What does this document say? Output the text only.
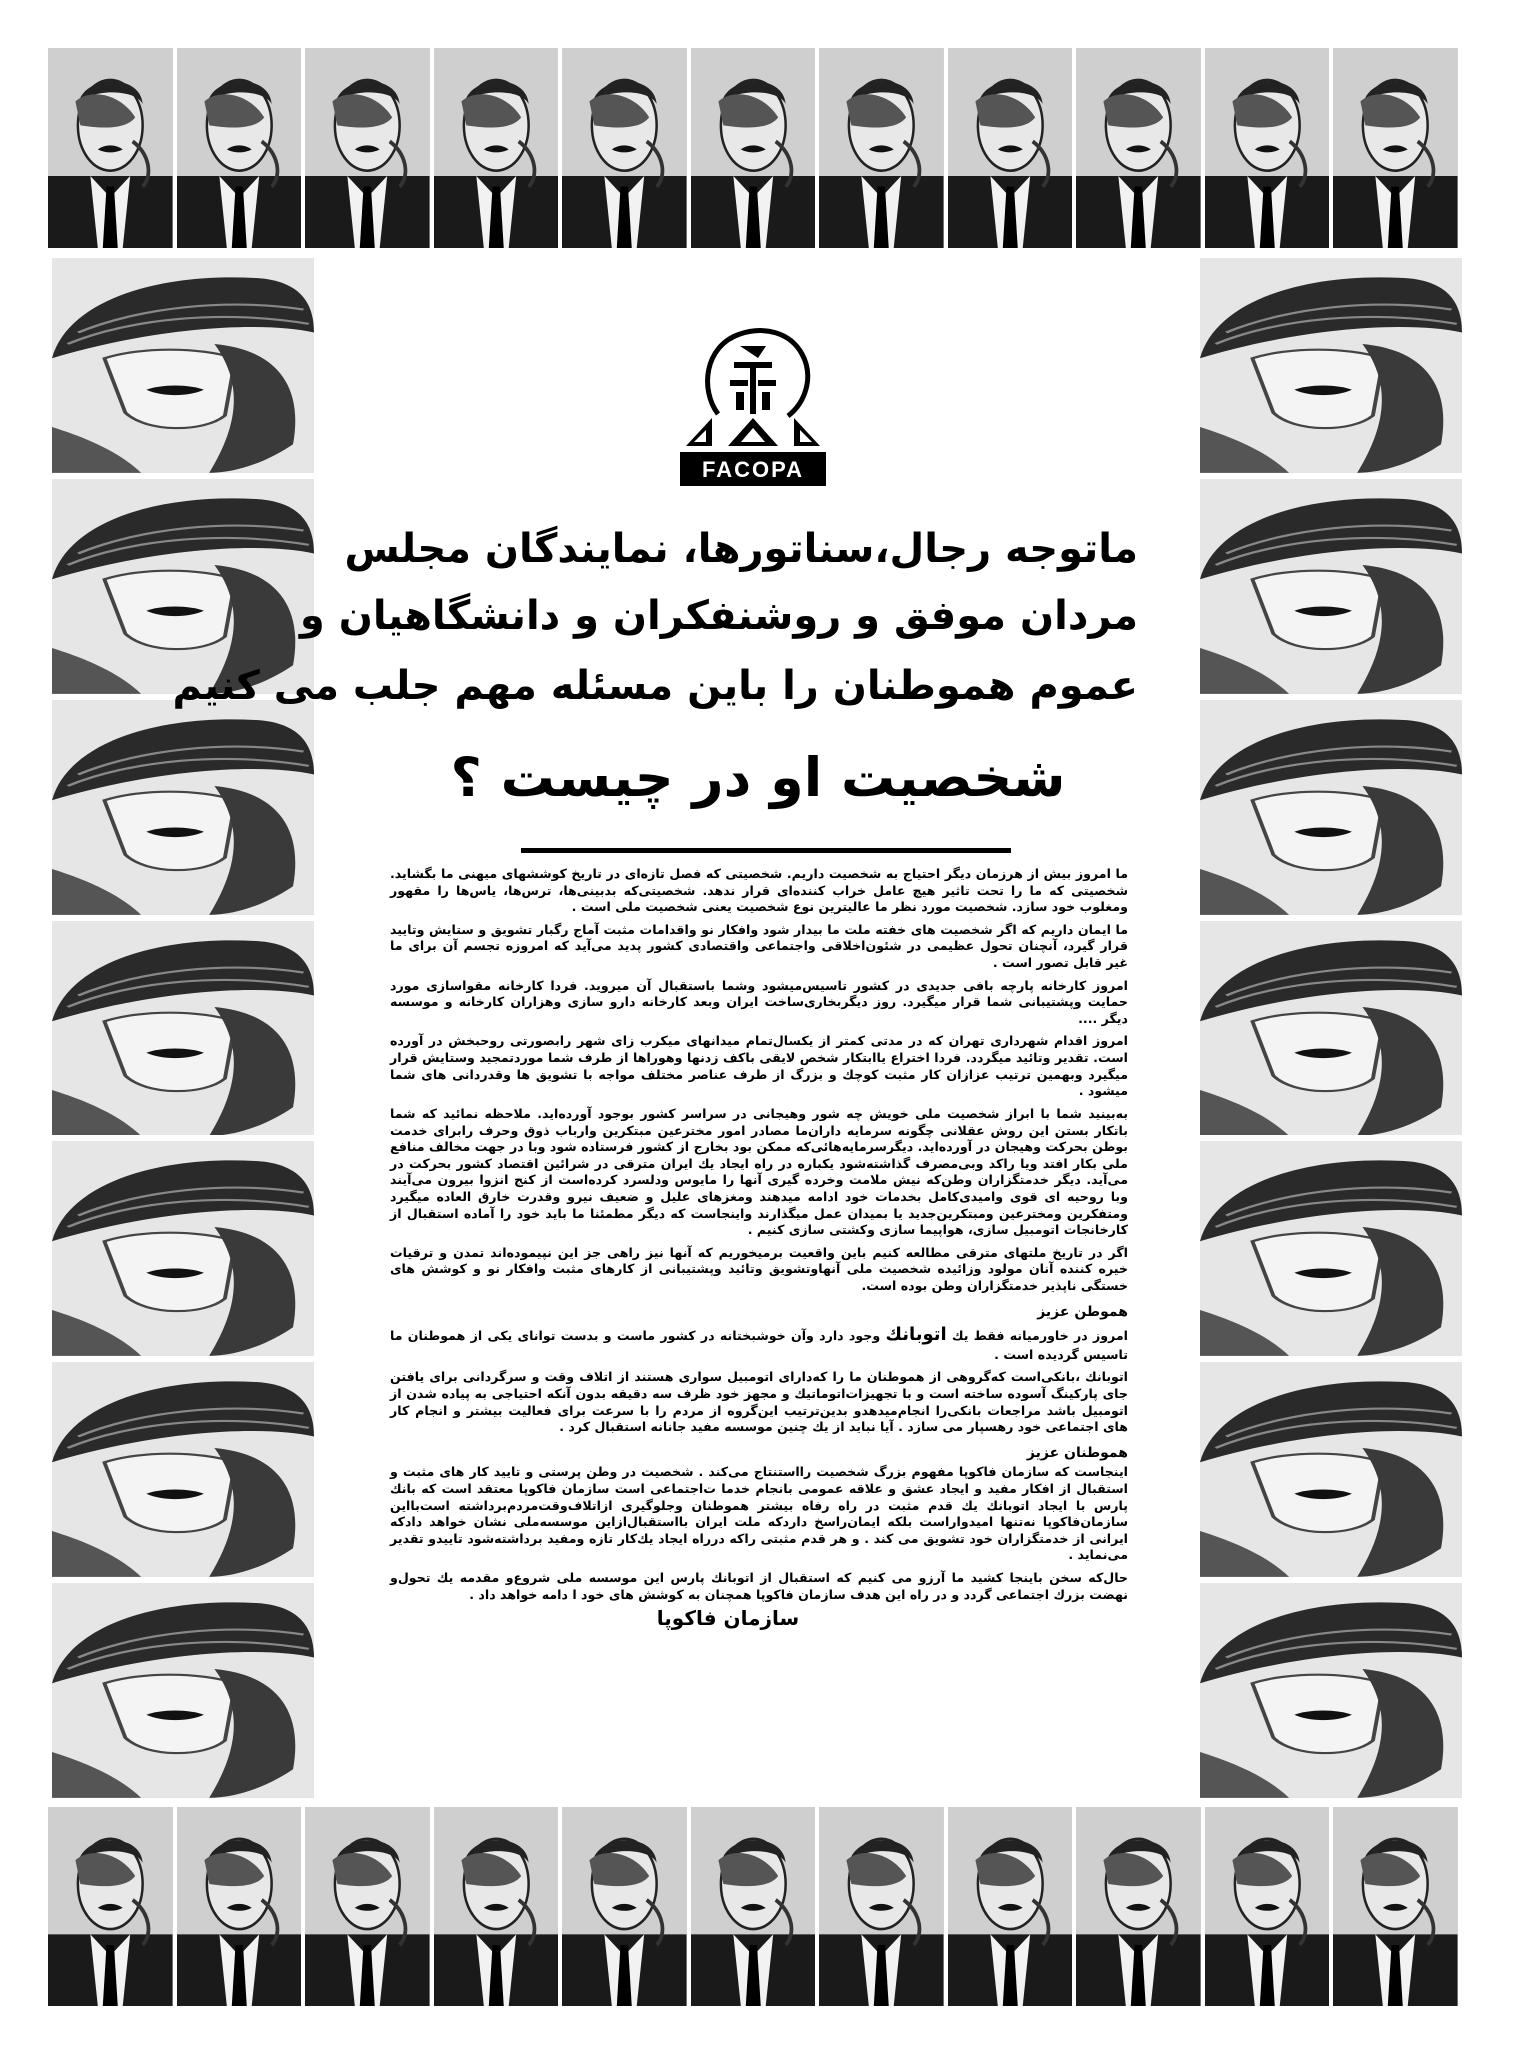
FACOPA
ماتوجه رجال،سناتورها، نمایندگان مجلس
مردان موفق و روشنفکران و دانشگاهیان و
عموم هموطنان را باین مسئله مهم جلب می کنیم
شخصیت او در چیست ؟

ما امروز بیش از هرزمان دیگر احتیاج به شخصیت داریم. شخصیتی که فصل تازه‌ای در تاریخ کوششهای میهنی ما بگشاید. شخصیتی که ما را تحت تاثیر هیچ عامل خراب کننده‌ای قرار ندهد. شخصیتی‌که بدبینی‌ها، ترس‌ها، یاس‌ها را مقهور ومغلوب خود سازد. شخصیت مورد نظر ما عالیترین نوع شخصیت یعنی شخصیت ملی است .

ما ایمان داریم که اگر شخصیت های خفته ملت ما بیدار شود وافکار نو واقدامات مثبت آماج رگبار تشویق و ستایش وتایید قرار گیرد، آنچنان تحول عظیمی در شئون‌اخلاقی واجتماعی واقتصادی کشور پدید می‌آید که امروزه تجسم آن برای ما غیر قابل تصور است .

امروز کارخانه پارچه بافی جدیدی در کشور تاسیس‌میشود وشما باستقبال آن میروید. فردا کارخانه مقواسازی مورد حمایت وپشتیبانی شما قرار میگیرد. روز دیگربخاری‌ساخت ایران وبعد کارخانه دارو سازی وهزاران کارخانه و موسسه دیگر ....

امروز اقدام شهرداری تهران که در مدتی کمتر از یکسال‌تمام میدانهای میکرب زای شهر رابصورتی روحبخش در آورده است. تقدیر وتائید میگردد. فردا اختراع یاابتکار شخص لایقی باکف زدنها وهوراها از طرف شما مورد‌تمجید وستایش قرار میگیرد وبهمین ترتیب عزازان کار مثبت کوچك و بزرگ از طرف عناصر مختلف مواجه با تشویق ها وقدردانی های شما میشود .

به‌بینید شما با ابراز شخصیت ملی خویش چه شور وهیجانی در سراسر کشور بوجود آورده‌اید. ملاحظه نمائید که شما باتکار بستن این روش عقلانی چگونه سرمایه داران‌ما مصادر امور مخترعین مبتکرین وارباب ذوق وحرف رابرای خدمت بوطن بحرکت وهیجان در آورده‌اید. دیگرسرمایه‌هائی‌که ممکن بود بخارج از کشور فرستاده شود وبا در جهت مخالف منافع ملی بکار افتد ویا راکد وبی‌مصرف گذاشته‌شود یکباره در راه ایجاد یك ایران مترقی در شرائین اقتصاد کشور بحرکت در می‌آید. دیگر خدمتگزاران وطن‌که نیش ملامت وخرده گیری آنها را مایوس ودلسرد کرده‌است از کنج انزوا بیرون می‌آیند وبا روحیه ای قوی وامیدی‌کامل بخدمات خود ادامه میدهند ومغزهای علیل و ضعیف نیرو وقدرت خارق العاده میگیرد ومتفکرین ومخترعین ومبتکرین‌جدید یا بمیدان عمل میگذارند واینجاست که دیگر مطمئنا ما باید خود را آماده استقبال از کارخانجات اتومبیل سازی، هواپیما سازی وکشتی سازی کنیم .

اگر در تاریخ ملتهای مترقی مطالعه کنیم باین واقعیت برمیخوریم که آنها نیز راهی جز این نپیموده‌اند تمدن و ترقیات خیره کننده آنان مولود وزائیده شخصیت ملی آنهاوتشویق وتائید وپشتیبانی از کارهای مثبت وافکار نو و کوشش های خستگی ناپذیر خدمتگزاران وطن بوده است.

هموطن عزیز

امروز در خاورمیانه فقط یك اتوبانك وجود دارد وآن خوشبختانه در کشور ماست و بدست توانای یکی از هموطنان ما تاسیس گردیده است .

اتوبانك ،بانکی‌است که‌گروهی از هموطنان ما را که‌دارای اتومبیل سواری هستند از اتلاف وقت و سرگردانی برای یافتن جای پارکینگ آسوده ساخته است و با تجهیزات‌اتوماتیك و مجهز خود ظرف سه دقیقه بدون آنکه احتیاجی به پیاده شدن از اتومبیل باشد مراجعات بانکی‌را انجام‌میدهدو بدین‌ترتیب این‌گروه از مردم را با سرعت برای فعالیت بیشتر و انجام کار های اجتماعی خود رهسپار می سازد . آیا نباید از یك چنین موسسه مفید جانانه استقبال کرد .

هموطنان عزیز

اینجاست که سازمان فاکوپا مفهوم بزرگ شخصیت رااستنتاج می‌کند . شخصیت در وطن پرستی و تایید کار های مثبت و استقبال از افکار مفید و ایجاد عشق و علاقه عمومی بانجام خدما ت‌اجتماعی است سازمان فاکوپا معتقد است که بانك پارس با ایجاد اتوبانك یك قدم مثبت در راه رفاه بیشتر هموطنان وجلوگیری ازاتلاف‌وقت‌مردم‌برداشته است‌بااین سازمان‌فاکوپا نه‌تنها امیدواراست بلکه ایمان‌راسخ داردکه ملت ایران بااستقبال‌ازاین موسسه‌ملی نشان خواهد دادکه ایرانی از خدمتگزاران خود تشویق می کند . و هر قدم مثبتی راکه درراه ایجاد یك‌کار تازه ومفید برداشته‌شود تاییدو تقدیر می‌نماید .

حال‌که سخن باینجا کشید ما آرزو می کنیم که استقبال از اتوبانك پارس این موسسه ملی شروع‌و مقدمه یك تحول‌و نهضت بزرك اجتماعی گردد و در راه این هدف سازمان فاکوپا همچنان به کوشش های خود ا دامه خواهد داد .

سازمان فاکوپا
